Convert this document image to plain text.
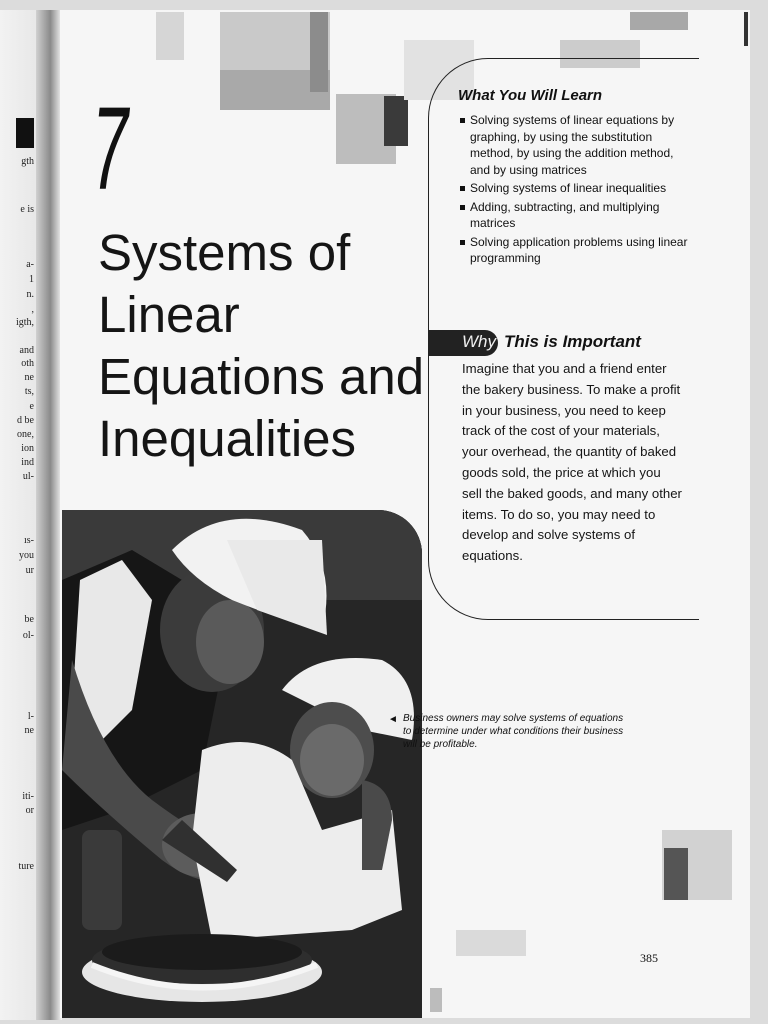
gth
e is
a-
1
n.
,
igth,
and
oth
ne
ts,
e
d be
one,
ion
ind
ul-
ıs-
you
ur
be
ol-
l-
ne
iti-
or
ture
7
Systems of
Linear
Equations and
Inequalities
What You Will Learn
Solving systems of linear equations by graphing, by using the substitution method, by using the addition method, and by using matrices
Solving systems of linear inequalities
Adding, subtracting, and multiplying matrices
Solving application problems using linear programming
Why This is Important
Imagine that you and a friend enter the bakery business. To make a profit in your business, you need to keep track of the cost of your materials, your overhead, the quantity of baked goods sold, the price at which you sell the baked goods, and many other items. To do so, you may need to develop and solve systems of equations.
◄ Business owners may solve systems of equations to determine under what conditions their business will be profitable.
385
